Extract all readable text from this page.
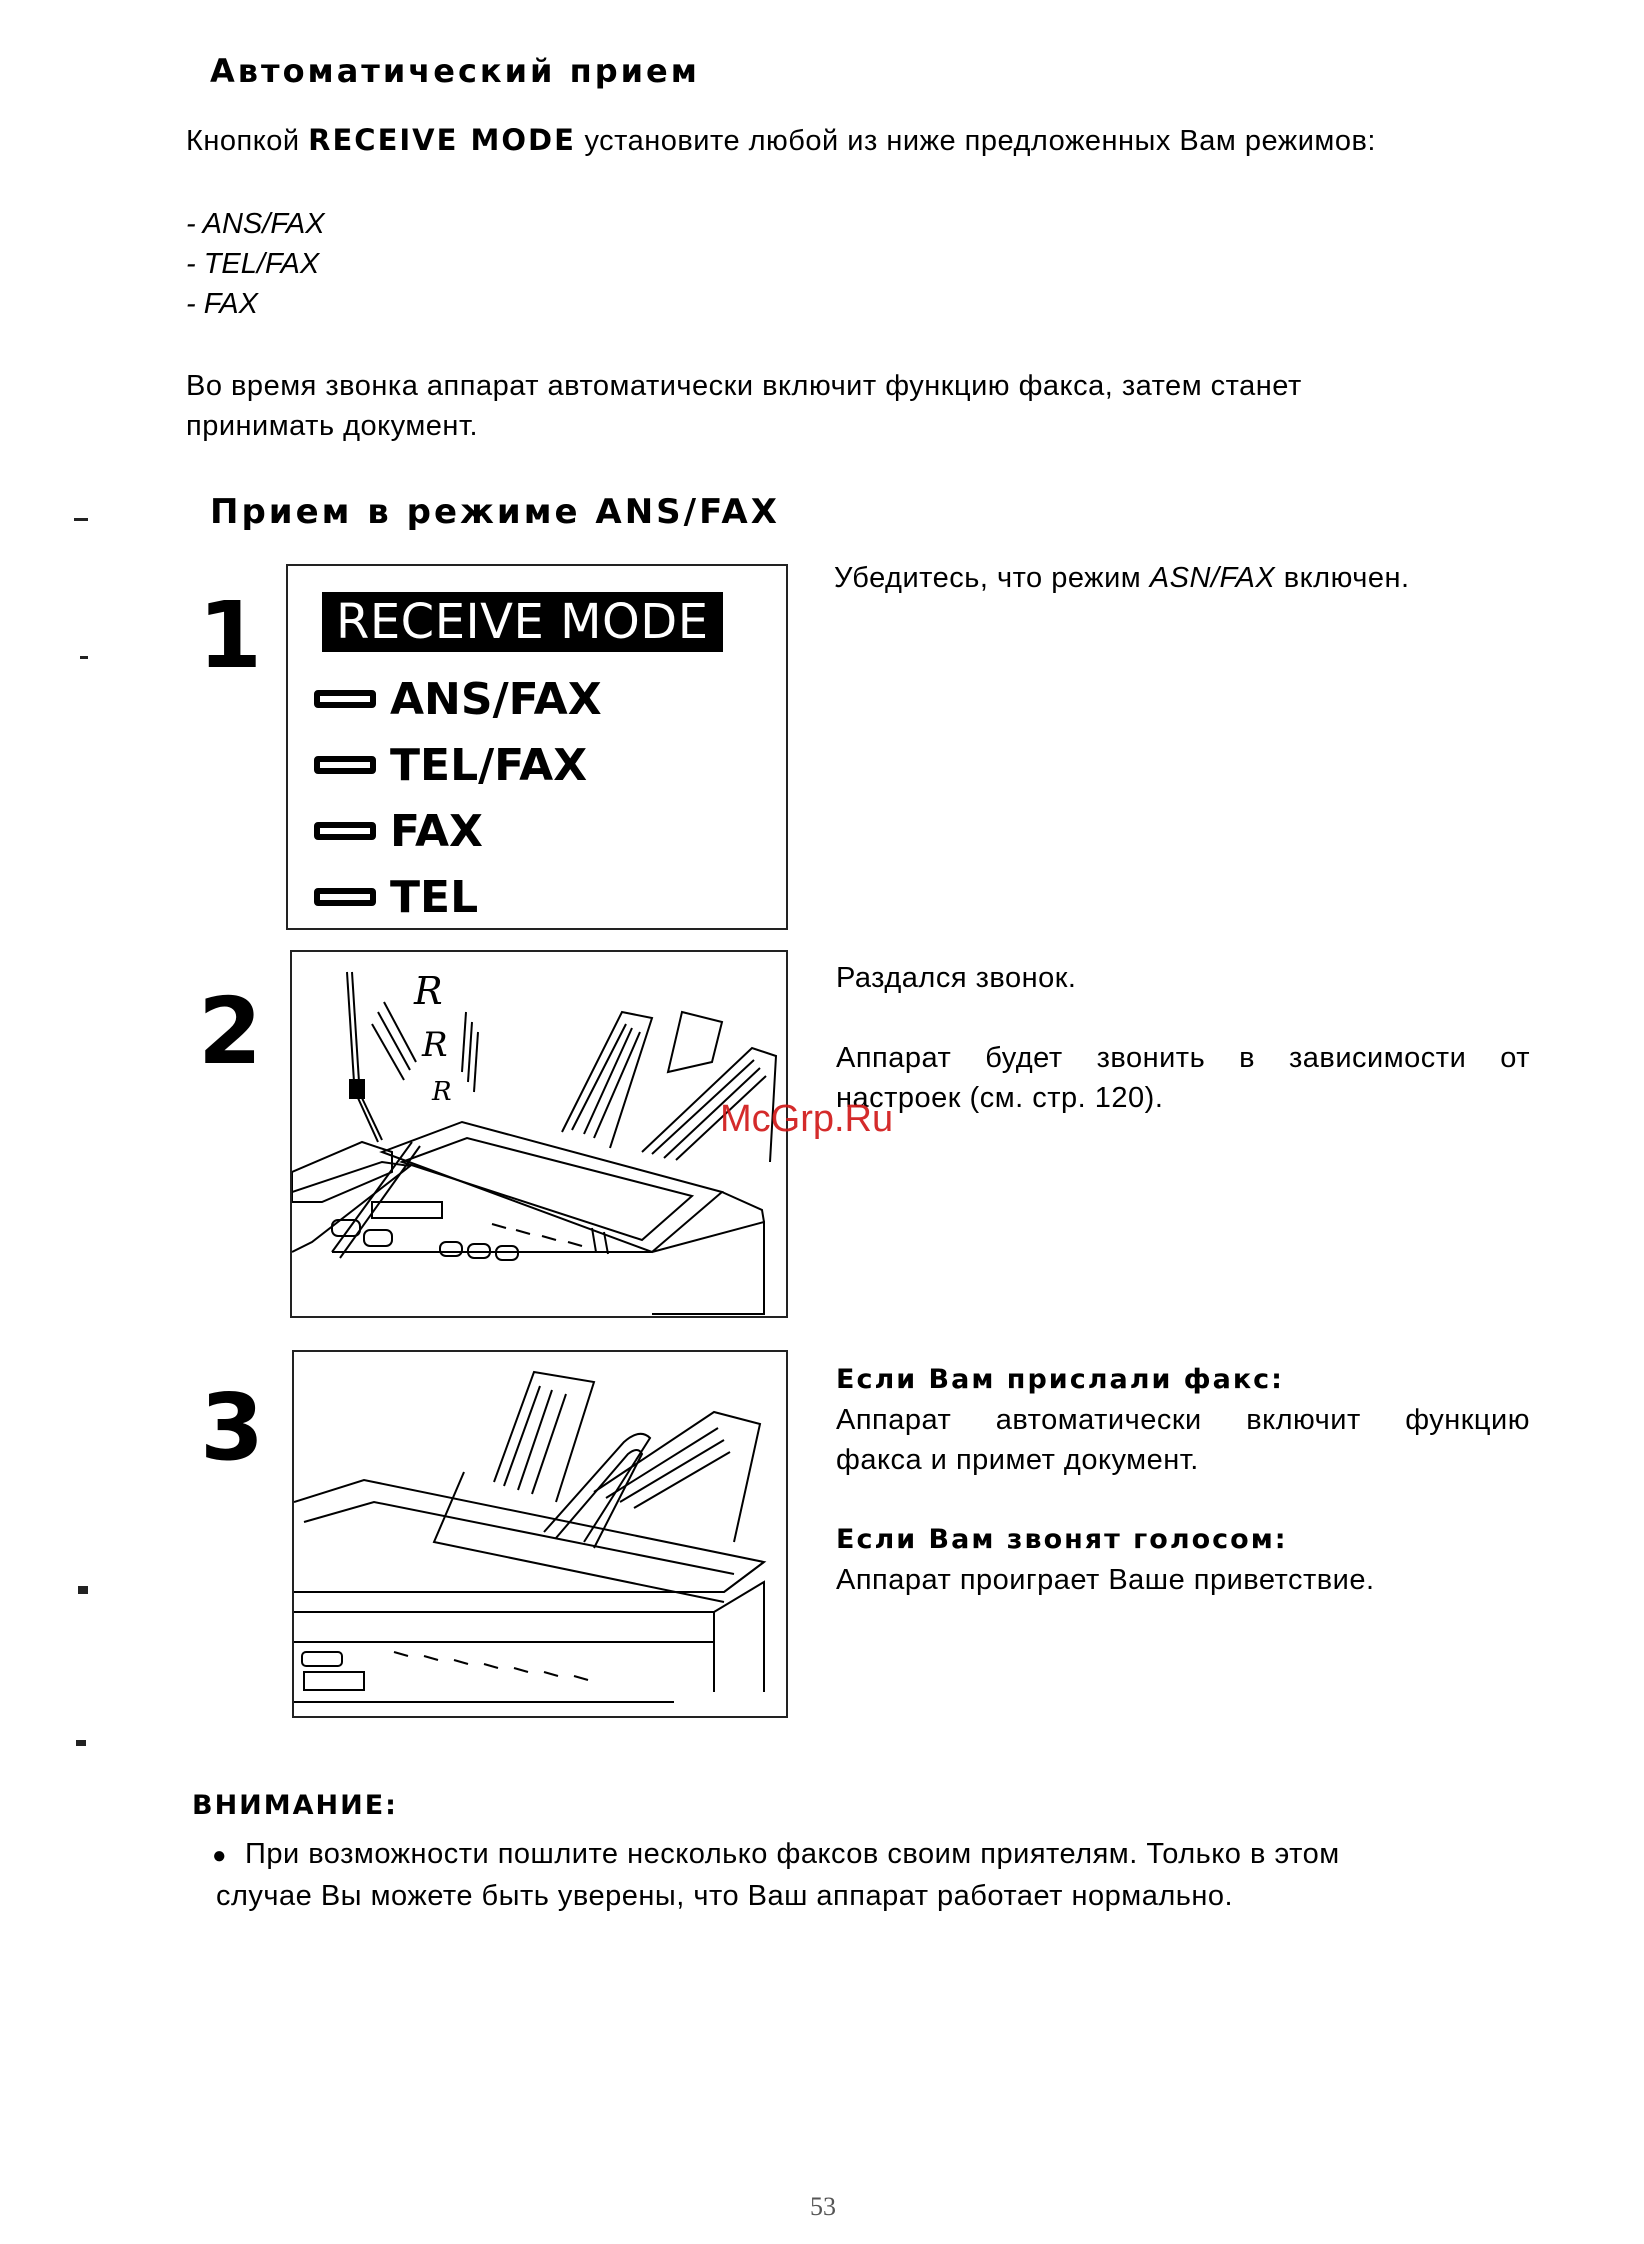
Автоматический прием
Кнопкой RECEIVE MODE установите любой из ниже предложенных Вам режимов:
- ANS/FAX
- TEL/FAX
- FAX
Во время звонка аппарат автоматически включит функцию факса, затем станет
принимать документ.
Прием в режиме ANS/FAX
1 RECEIVE MODE
ANS/FAX
TEL/FAX
FAX
TEL
Убедитесь, что режим ASN/FAX включен.
2	R
R
R
Раздался звонок.
Аппарат будет звонить в зависимости от
настроек (см. стр. 120).
McGrp.Ru
3	Если Вам прислали факс:
Аппарат автоматически включит функцию
факса и примет документ.
Если Вам звонят голосом:
Аппарат проиграет Ваше приветствие.
ВНИМАНИЕ:
● При возможности пошлите несколько факсов своим приятелям. Только в этом
случае Вы можете быть уверены, что Ваш аппарат работает нормально.
53
